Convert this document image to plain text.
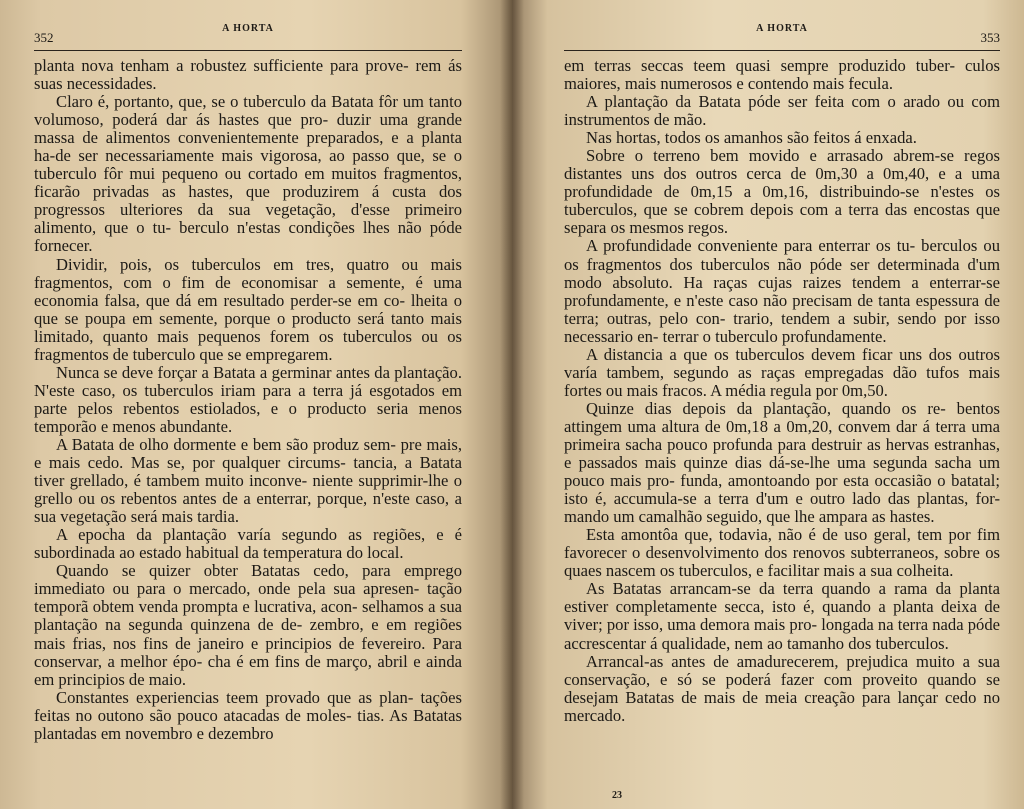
352
A HORTA

planta nova tenham a robustez sufficiente para prove- rem ás suas necessidades.

Claro é, portanto, que, se o tuberculo da Batata fôr um tanto volumoso, poderá dar ás hastes que pro- duzir uma grande massa de alimentos convenientemente preparados, e a planta ha-de ser necessariamente mais vigorosa, ao passo que, se o tuberculo fôr mui pequeno ou cortado em muitos fragmentos, ficarão privadas as hastes, que produzirem á custa dos progressos ulteriores da sua vegetação, d'esse primeiro alimento, que o tu- berculo n'estas condições lhes não póde fornecer.

Dividir, pois, os tuberculos em tres, quatro ou mais fragmentos, com o fim de economisar a semente, é uma economia falsa, que dá em resultado perder-se em co- lheita o que se poupa em semente, porque o producto será tanto mais limitado, quanto mais pequenos forem os tuberculos ou os fragmentos de tuberculo que se empregarem.

Nunca se deve forçar a Batata a germinar antes da plantação. N'este caso, os tuberculos iriam para a terra já esgotados em parte pelos rebentos estiolados, e o producto seria menos temporão e menos abundante.

A Batata de olho dormente e bem são produz sem- pre mais, e mais cedo. Mas se, por qualquer circums- tancia, a Batata tiver grellado, é tambem muito inconve- niente supprimir-lhe o grello ou os rebentos antes de a enterrar, porque, n'este caso, a sua vegetação será mais tardia.

A epocha da plantação varía segundo as regiões, e é subordinada ao estado habitual da temperatura do local.

Quando se quizer obter Batatas cedo, para emprego immediato ou para o mercado, onde pela sua apresen- tação temporã obtem venda prompta e lucrativa, acon- selhamos a sua plantação na segunda quinzena de de- zembro, e em regiões mais frias, nos fins de janeiro e principios de fevereiro. Para conservar, a melhor épo- cha é em fins de março, abril e ainda em principios de maio.

Constantes experiencias teem provado que as plan- tações feitas no outono são pouco atacadas de moles- tias. As Batatas plantadas em novembro e dezembro

A HORTA
353

em terras seccas teem quasi sempre produzido tuber- culos maiores, mais numerosos e contendo mais fecula.

A plantação da Batata póde ser feita com o arado ou com instrumentos de mão.

Nas hortas, todos os amanhos são feitos á enxada.

Sobre o terreno bem movido e arrasado abrem-se regos distantes uns dos outros cerca de 0m,30 a 0m,40, e a uma profundidade de 0m,15 a 0m,16, distribuindo-se n'estes os tuberculos, que se cobrem depois com a terra das encostas que separa os mesmos regos.

A profundidade conveniente para enterrar os tu- berculos ou os fragmentos dos tuberculos não póde ser determinada d'um modo absoluto. Ha raças cujas raizes tendem a enterrar-se profundamente, e n'este caso não precisam de tanta espessura de terra; outras, pelo con- trario, tendem a subir, sendo por isso necessario en- terrar o tuberculo profundamente.

A distancia a que os tuberculos devem ficar uns dos outros varía tambem, segundo as raças empregadas dão tufos mais fortes ou mais fracos. A média regula por 0m,50.

Quinze dias depois da plantação, quando os re- bentos attingem uma altura de 0m,18 a 0m,20, convem dar á terra uma primeira sacha pouco profunda para destruir as hervas estranhas, e passados mais quinze dias dá-se-lhe uma segunda sacha um pouco mais pro- funda, amontoando por esta occasião o batatal; isto é, accumula-se a terra d'um e outro lado das plantas, for- mando um camalhão seguido, que lhe ampara as hastes.

Esta amontôa que, todavia, não é de uso geral, tem por fim favorecer o desenvolvimento dos renovos subterraneos, sobre os quaes nascem os tuberculos, e facilitar mais a sua colheita.

As Batatas arrancam-se da terra quando a rama da planta estiver completamente secca, isto é, quando a planta deixa de viver; por isso, uma demora mais pro- longada na terra nada póde accrescentar á qualidade, nem ao tamanho dos tuberculos.

Arrancal-as antes de amadurecerem, prejudica muito a sua conservação, e só se poderá fazer com proveito quando se desejam Batatas de mais de meia creação para lançar cedo no mercado.

23
